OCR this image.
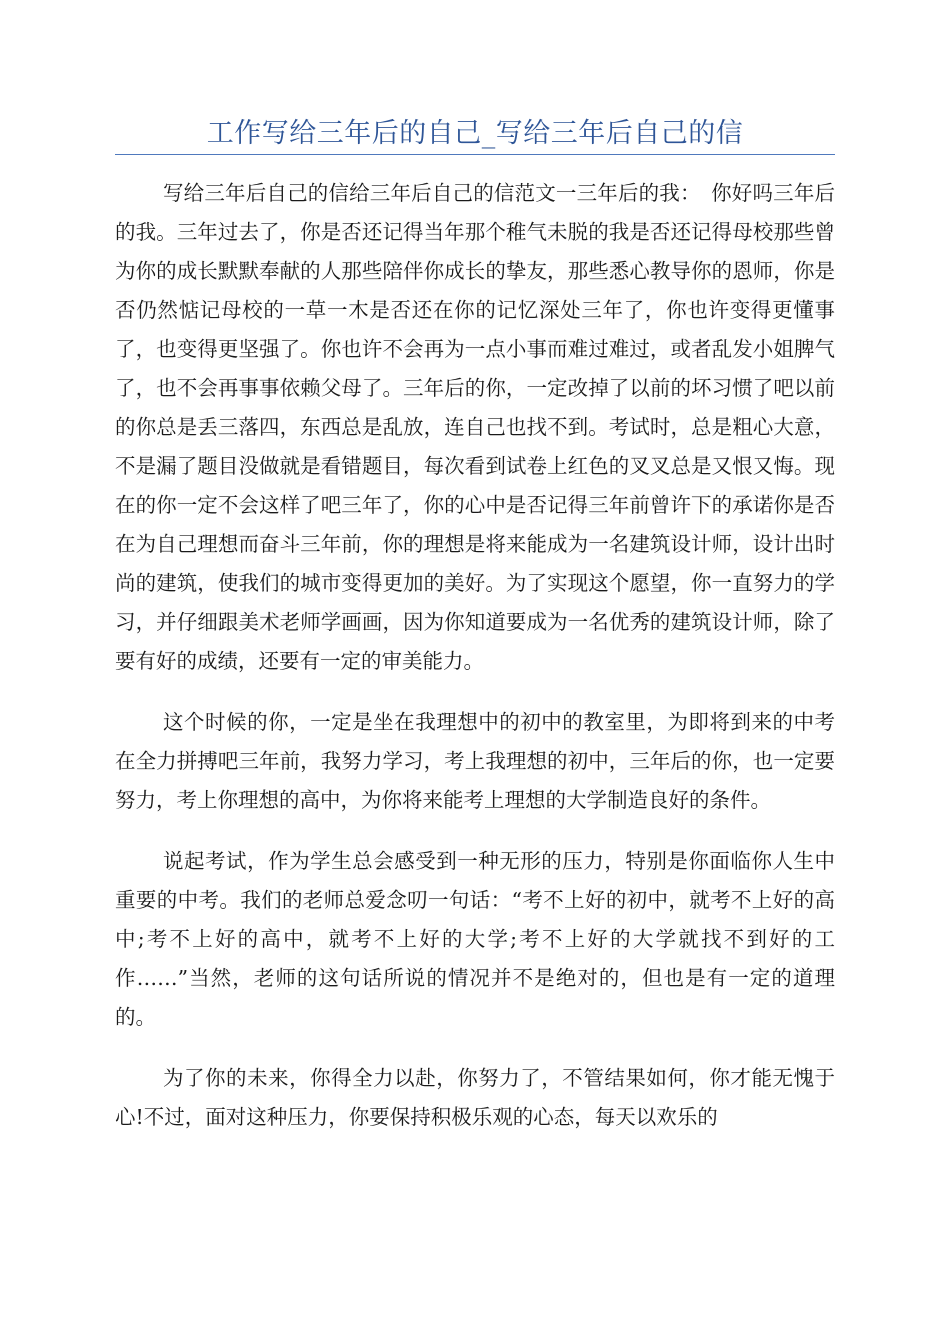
工作写给三年后的自己_写给三年后自己的信

写给三年后自己的信给三年后自己的信范文一三年后的我：　你好吗三年后的我。三年过去了，你是否还记得当年那个稚气未脱的我是否还记得母校那些曾为你的成长默默奉献的人那些陪伴你成长的挚友，那些悉心教导你的恩师，你是否仍然惦记母校的一草一木是否还在你的记忆深处三年了，你也许变得更懂事了，也变得更坚强了。你也许不会再为一点小事而难过难过，或者乱发小姐脾气了，也不会再事事依赖父母了。三年后的你，一定改掉了以前的坏习惯了吧以前的你总是丢三落四，东西总是乱放，连自己也找不到。考试时，总是粗心大意，不是漏了题目没做就是看错题目，每次看到试卷上红色的叉叉总是又恨又悔。现在的你一定不会这样了吧三年了，你的心中是否记得三年前曾许下的承诺你是否在为自己理想而奋斗三年前，你的理想是将来能成为一名建筑设计师，设计出时尚的建筑，使我们的城市变得更加的美好。为了实现这个愿望，你一直努力的学习，并仔细跟美术老师学画画，因为你知道要成为一名优秀的建筑设计师，除了要有好的成绩，还要有一定的审美能力。

这个时候的你，一定是坐在我理想中的初中的教室里，为即将到来的中考在全力拼搏吧三年前，我努力学习，考上我理想的初中，三年后的你，也一定要努力，考上你理想的高中，为你将来能考上理想的大学制造良好的条件。

说起考试，作为学生总会感受到一种无形的压力，特别是你面临你人生中重要的中考。我们的老师总爱念叨一句话：“考不上好的初中，就考不上好的高中;考不上好的高中，就考不上好的大学;考不上好的大学就找不到好的工作……”当然，老师的这句话所说的情况并不是绝对的，但也是有一定的道理的。

为了你的未来，你得全力以赴，你努力了，不管结果如何，你才能无愧于心!不过，面对这种压力，你要保持积极乐观的心态，每天以欢乐的
